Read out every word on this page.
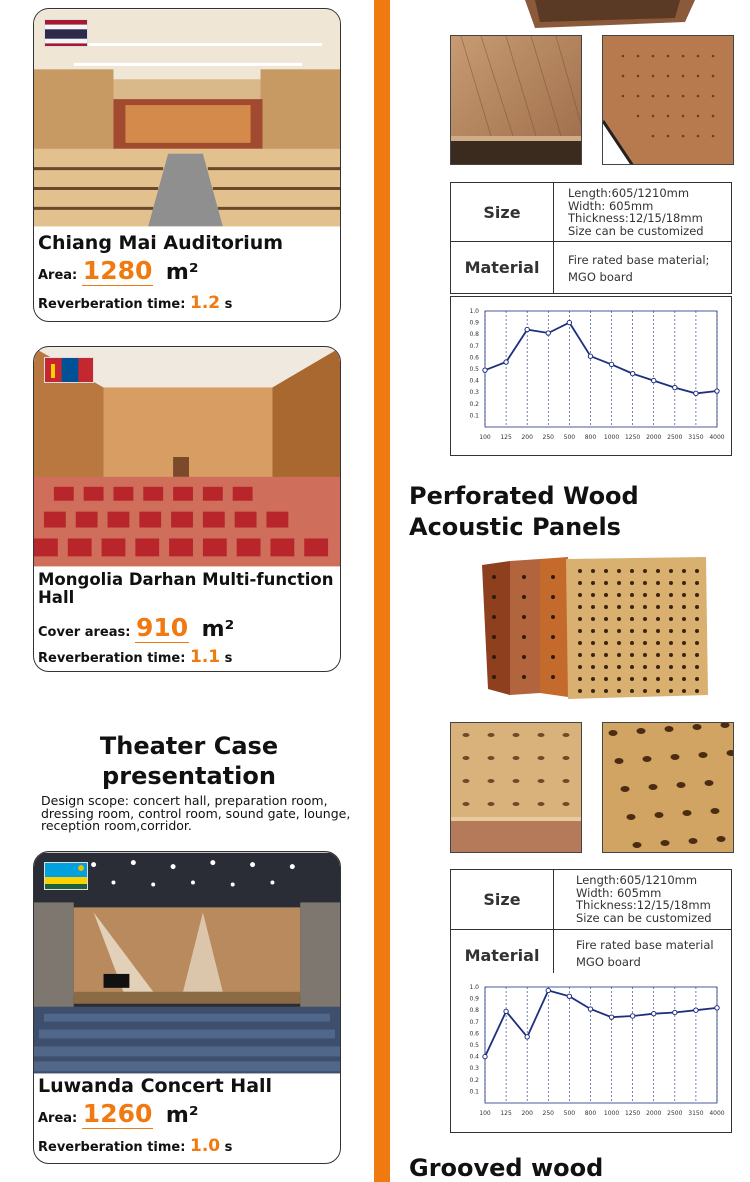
Chiang Mai Auditorium
Area: 1280 m²
Reverberation time: 1.2 s
Mongolia Darhan Multi-function Hall
Cover areas: 910 m²
Reverberation time: 1.1 s
Theater Case
presentation
Design scope: concert hall, preparation room, dressing room, control room, sound gate, lounge, reception room,corridor.
Luwanda Concert Hall
Area: 1260 m²
Reverberation time: 1.0 s
Size
Length:605/1210mm
Width: 605mm
Thickness:12/15/18mm
Size can be customized
Material	Fire rated base material;
MGO board
100 125 200 250 500 800 1000 1250 2000 2500 3150 4000
1.0
0.9
0.8
0.7
0.6
0.5
0.4
0.3
0.2
0.1
Perforated Wood
Acoustic Panels
Size
Length:605/1210mm
Width: 605mm
Thickness:12/15/18mm
Size can be customized
Material
Fire rated base material
MGO board
100 125 200 250 500 800 1000 1250 2000 2500 3150 4000
1.0
0.9
0.8
0.7
0.6
0.5
0.4
0.3
0.2
0.1
Grooved wood
